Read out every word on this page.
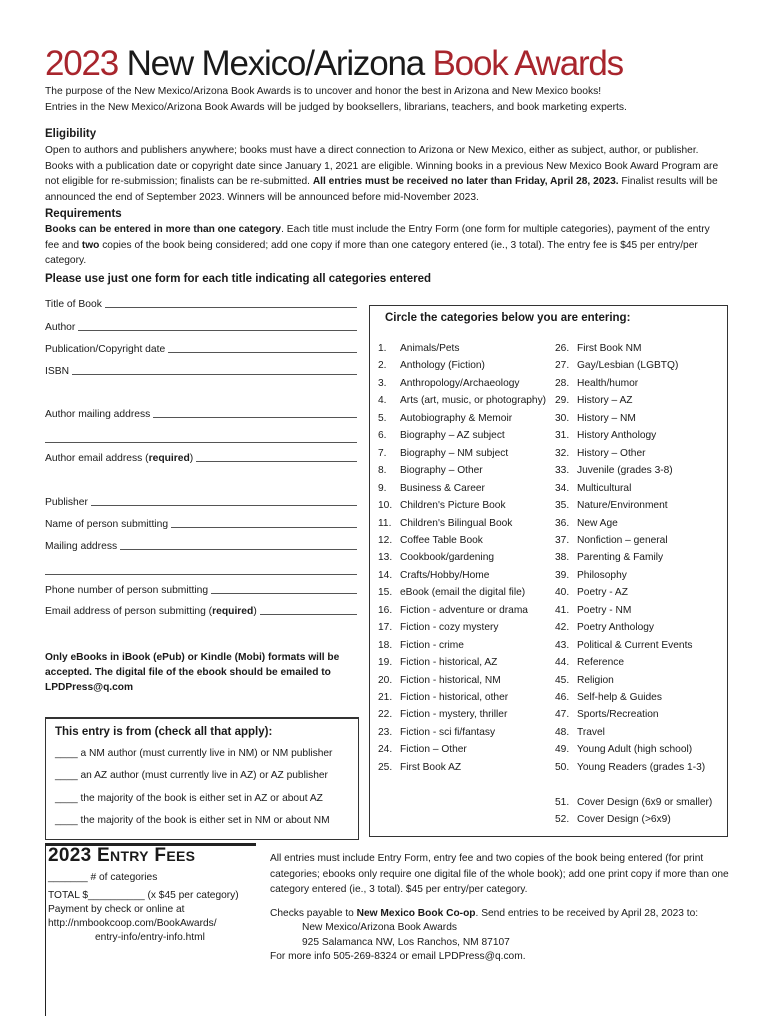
2023 New Mexico/Arizona Book Awards
The purpose of the New Mexico/Arizona Book Awards is to uncover and honor the best in Arizona and New Mexico books!
Entries in the New Mexico/Arizona Book Awards will be judged by booksellers, librarians, teachers, and book marketing experts.
Eligibility
Open to authors and publishers anywhere; books must have a direct connection to Arizona or New Mexico, either as subject, author, or publisher. Books with a publication date or copyright date since January 1, 2021 are eligible. Winning books in a previous New Mexico Book Award Program are not eligible for re-submission; finalists can be re-submitted. All entries must be received no later than Friday, April 28, 2023. Finalist results will be announced the end of September 2023. Winners will be announced before mid-November 2023.
Requirements
Books can be entered in more than one category. Each title must include the Entry Form (one form for multiple categories), payment of the entry fee and two copies of the book being considered; add one copy if more than one category entered (ie., 3 total). The entry fee is $45 per entry/per category.
Please use just one form for each title indicating all categories entered
Title of Book
Author
Publication/Copyright date
ISBN
Author mailing address
Author email address (required)
Publisher
Name of person submitting
Mailing address
Phone number of person submitting
Email address of person submitting (required)
Only eBooks in iBook (ePub) or Kindle (Mobi) formats will be
accepted. The digital file of the ebook should be emailed to
LPDPress@q.com
Circle the categories below you are entering:
1. Animals/Pets
2. Anthology (Fiction)
3. Anthropology/Archaeology
4. Arts (art, music, or photography)
5. Autobiography & Memoir
6. Biography – AZ subject
7. Biography – NM subject
8. Biography – Other
9. Business & Career
10. Children's Picture Book
11. Children's Bilingual Book
12. Coffee Table Book
13. Cookbook/gardening
14. Crafts/Hobby/Home
15. eBook (email the digital file)
16. Fiction - adventure or drama
17. Fiction - cozy mystery
18. Fiction - crime
19. Fiction - historical, AZ
20. Fiction - historical, NM
21. Fiction - historical, other
22. Fiction - mystery, thriller
23. Fiction - sci fi/fantasy
24. Fiction – Other
25. First Book AZ
26. First Book NM
27. Gay/Lesbian (LGBTQ)
28. Health/humor
29. History – AZ
30. History – NM
31. History Anthology
32. History – Other
33. Juvenile (grades 3-8)
34. Multicultural
35. Nature/Environment
36. New Age
37. Nonfiction – general
38. Parenting & Family
39. Philosophy
40. Poetry - AZ
41. Poetry - NM
42. Poetry Anthology
43. Political & Current Events
44. Reference
45. Religion
46. Self-help & Guides
47. Sports/Recreation
48. Travel
49. Young Adult (high school)
50. Young Readers (grades 1-3)
51. Cover Design (6x9 or smaller)
52. Cover Design (>6x9)
This entry is from (check all that apply):
____ a NM author (must currently live in NM) or NM publisher
____ an AZ author (must currently live in AZ) or AZ publisher
____ the majority of the book is either set in AZ or about AZ
____ the majority of the book is either set in NM or about NM
2023 ENTRY FEES
_______ # of categories
TOTAL $__________ (x $45 per category)
Payment by check or online at
http://nmbookcoop.com/BookAwards/
entry-info/entry-info.html
All entries must include Entry Form, entry fee and two copies of the book being entered (for print categories; ebooks only require one digital file of the whole book); add one print copy if more than one category entered (ie., 3 total). $45 per entry/per category.
Checks payable to New Mexico Book Co-op. Send entries to be received by April 28, 2023 to:
New Mexico/Arizona Book Awards
925 Salamanca NW, Los Ranchos, NM 87107
For more info 505-269-8324 or email LPDPress@q.com.
